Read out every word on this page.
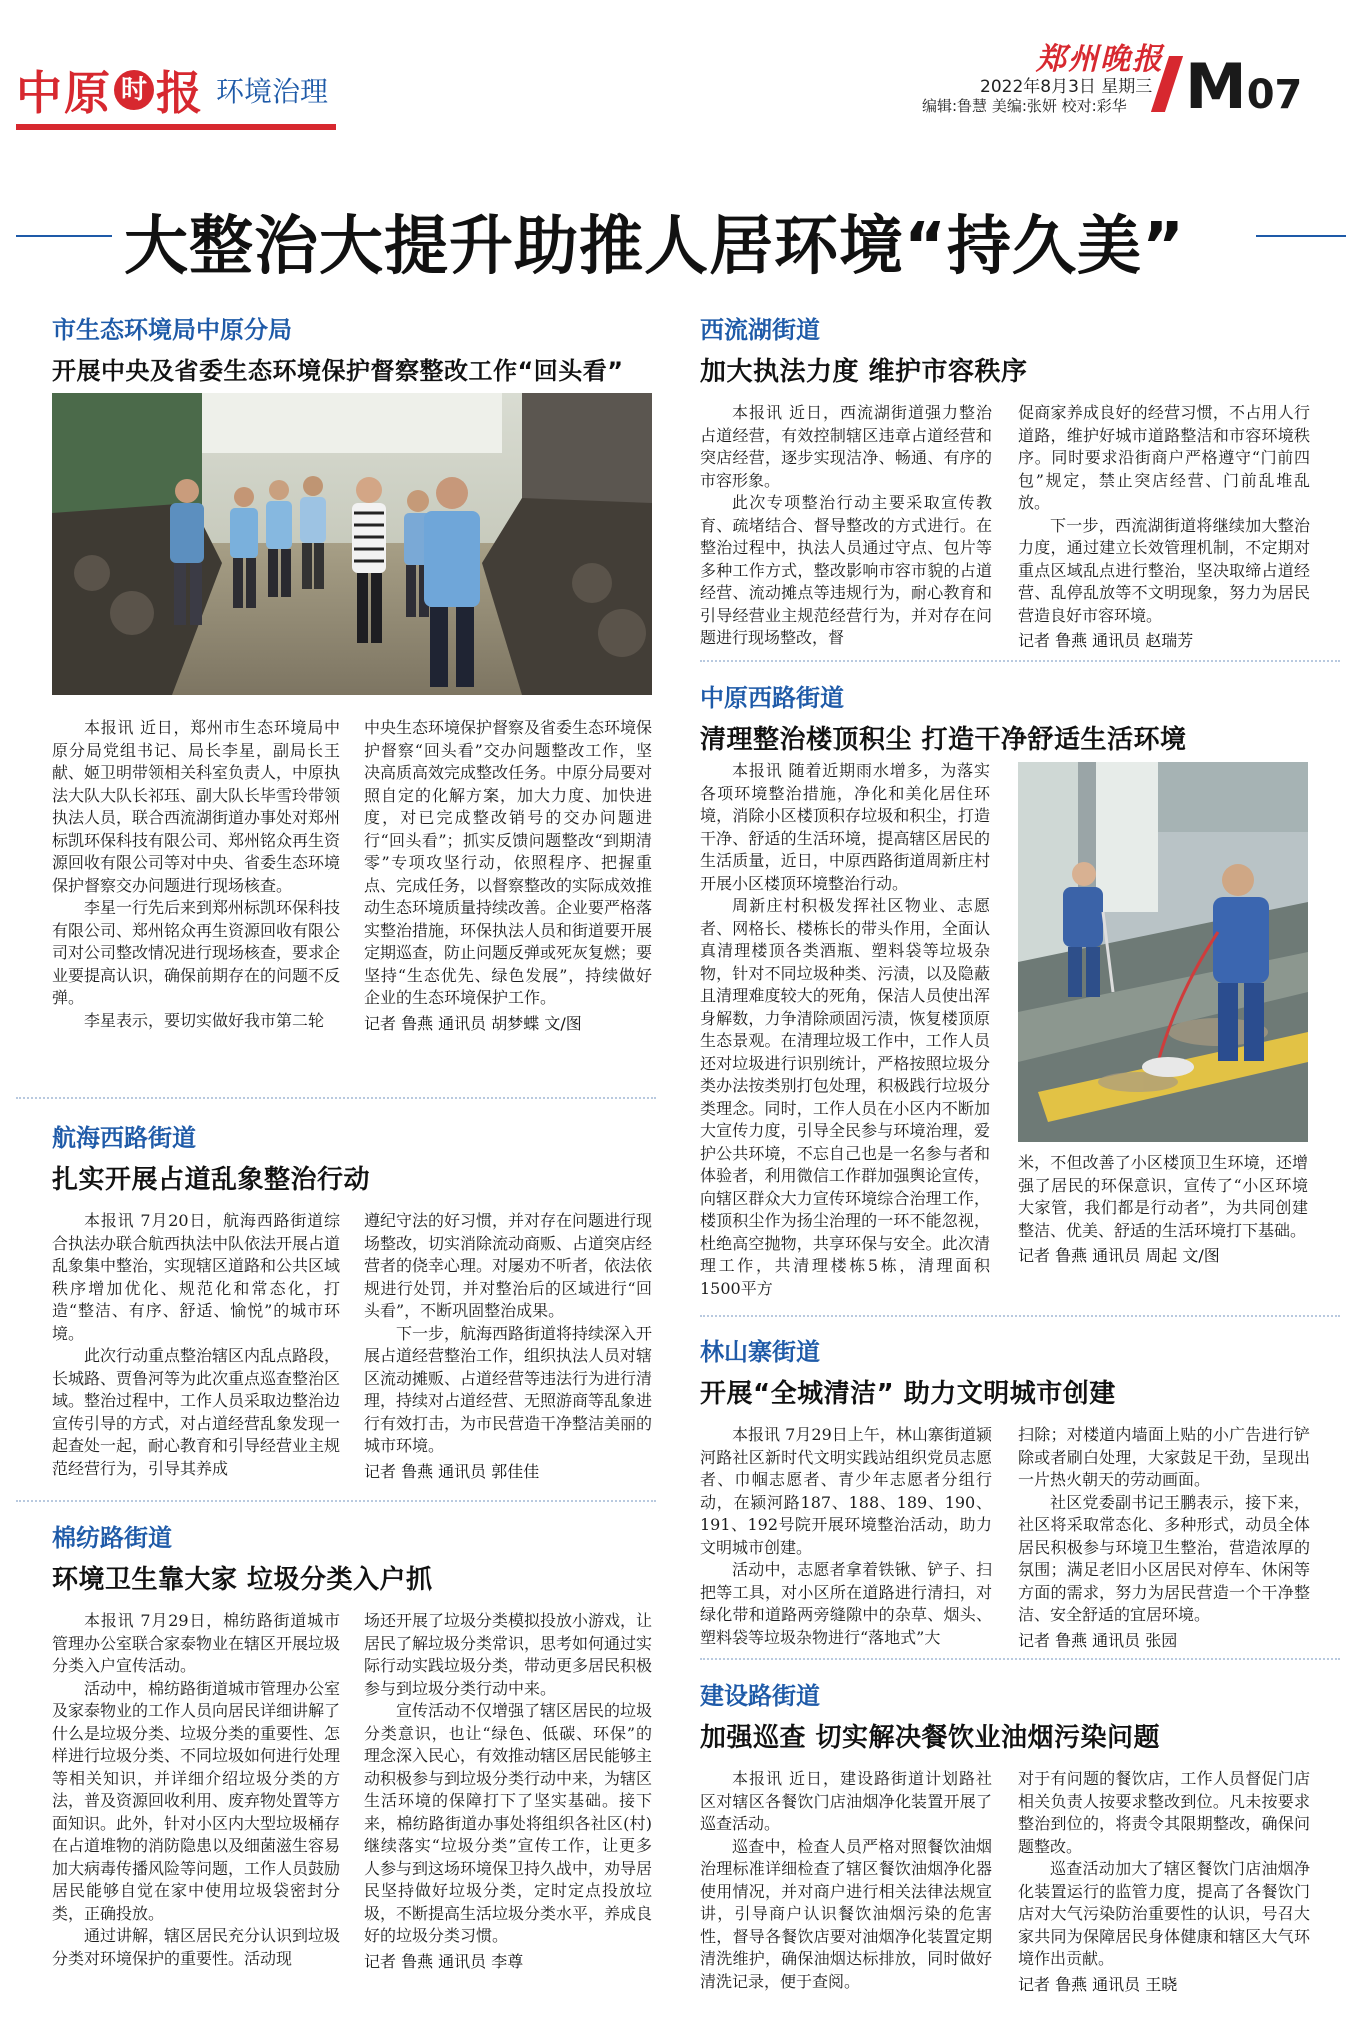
中原 时 报 环境治理
郑州晚报
2022年8月3日 星期三
编辑:鲁慧 美编:张妍 校对:彩华 M07
大整治大提升助推人居环境“持久美”
市生态环境局中原分局
开展中央及省委生态环境保护督察整改工作“回头看”

本报讯 近日，郑州市生态环境局中原分局党组书记、局长李星，副局长王献、姬卫明带领相关科室负责人，中原执法大队大队长祁珏、副大队长毕雪玲带领执法人员，联合西流湖街道办事处对郑州标凯环保科技有限公司、郑州铭众再生资源回收有限公司等对中央、省委生态环境保护督察交办问题进行现场核查。

李星一行先后来到郑州标凯环保科技有限公司、郑州铭众再生资源回收有限公司对公司整改情况进行现场核查，要求企业要提高认识，确保前期存在的问题不反弹。

李星表示，要切实做好我市第二轮

中央生态环境保护督察及省委生态环境保护督察“回头看”交办问题整改工作，坚决高质高效完成整改任务。中原分局要对照自定的化解方案，加大力度、加快进度，对已完成整改销号的交办问题进行“回头看”；抓实反馈问题整改“到期清零”专项攻坚行动，依照程序、把握重点、完成任务，以督察整改的实际成效推动生态环境质量持续改善。企业要严格落实整治措施，环保执法人员和街道要开展定期巡查，防止问题反弹或死灰复燃；要坚持“生态优先、绿色发展”，持续做好企业的生态环境保护工作。

记者 鲁燕 通讯员 胡梦蝶 文/图
航海西路街道
扎实开展占道乱象整治行动

本报讯 7月20日，航海西路街道综合执法办联合航西执法中队依法开展占道乱象集中整治，实现辖区道路和公共区域秩序增加优化、规范化和常态化，打造“整洁、有序、舒适、愉悦”的城市环境。

此次行动重点整治辖区内乱点路段，长城路、贾鲁河等为此次重点巡查整治区域。整治过程中，工作人员采取边整治边宣传引导的方式，对占道经营乱象发现一起查处一起，耐心教育和引导经营业主规范经营行为，引导其养成

遵纪守法的好习惯，并对存在问题进行现场整改，切实消除流动商贩、占道突店经营者的侥幸心理。对屡劝不听者，依法依规进行处罚，并对整治后的区域进行“回头看”，不断巩固整治成果。

下一步，航海西路街道将持续深入开展占道经营整治工作，组织执法人员对辖区流动摊贩、占道经营等违法行为进行清理，持续对占道经营、无照游商等乱象进行有效打击，为市民营造干净整洁美丽的城市环境。

记者 鲁燕 通讯员 郭佳佳
棉纺路街道
环境卫生靠大家 垃圾分类入户抓

本报讯 7月29日，棉纺路街道城市管理办公室联合家泰物业在辖区开展垃圾分类入户宣传活动。

活动中，棉纺路街道城市管理办公室及家泰物业的工作人员向居民详细讲解了什么是垃圾分类、垃圾分类的重要性、怎样进行垃圾分类、不同垃圾如何进行处理等相关知识，并详细介绍垃圾分类的方法，普及资源回收利用、废弃物处置等方面知识。此外，针对小区内大型垃圾桶存在占道堆物的消防隐患以及细菌滋生容易加大病毒传播风险等问题，工作人员鼓励居民能够自觉在家中使用垃圾袋密封分类，正确投放。

通过讲解，辖区居民充分认识到垃圾分类对环境保护的重要性。活动现

场还开展了垃圾分类模拟投放小游戏，让居民了解垃圾分类常识，思考如何通过实际行动实践垃圾分类，带动更多居民积极参与到垃圾分类行动中来。

宣传活动不仅增强了辖区居民的垃圾分类意识，也让“绿色、低碳、环保”的理念深入民心，有效推动辖区居民能够主动积极参与到垃圾分类行动中来，为辖区生活环境的保障打下了坚实基础。接下来，棉纺路街道办事处将组织各社区(村)继续落实“垃圾分类”宣传工作，让更多人参与到这场环境保卫持久战中，劝导居民坚持做好垃圾分类，定时定点投放垃圾，不断提高生活垃圾分类水平，养成良好的垃圾分类习惯。

记者 鲁燕 通讯员 李尊
西流湖街道
加大执法力度 维护市容秩序

本报讯 近日，西流湖街道强力整治占道经营，有效控制辖区违章占道经营和突店经营，逐步实现洁净、畅通、有序的市容形象。

此次专项整治行动主要采取宣传教育、疏堵结合、督导整改的方式进行。在整治过程中，执法人员通过守点、包片等多种工作方式，整改影响市容市貌的占道经营、流动摊点等违规行为，耐心教育和引导经营业主规范经营行为，并对存在问题进行现场整改，督

促商家养成良好的经营习惯，不占用人行道路，维护好城市道路整洁和市容环境秩序。同时要求沿街商户严格遵守“门前四包”规定，禁止突店经营、门前乱堆乱放。

下一步，西流湖街道将继续加大整治力度，通过建立长效管理机制，不定期对重点区域乱点进行整治，坚决取缔占道经营、乱停乱放等不文明现象，努力为居民营造良好市容环境。

记者 鲁燕 通讯员 赵瑞芳
中原西路街道
清理整治楼顶积尘 打造干净舒适生活环境

本报讯 随着近期雨水增多，为落实各项环境整治措施，净化和美化居住环境，消除小区楼顶积存垃圾和积尘，打造干净、舒适的生活环境，提高辖区居民的生活质量，近日，中原西路街道周新庄村开展小区楼顶环境整治行动。

周新庄村积极发挥社区物业、志愿者、网格长、楼栋长的带头作用，全面认真清理楼顶各类酒瓶、塑料袋等垃圾杂物，针对不同垃圾种类、污渍，以及隐蔽且清理难度较大的死角，保洁人员使出浑身解数，力争清除顽固污渍，恢复楼顶原生态景观。在清理垃圾工作中，工作人员还对垃圾进行识别统计，严格按照垃圾分类办法按类别打包处理，积极践行垃圾分类理念。同时，工作人员在小区内不断加大宣传力度，引导全民参与环境治理，爱护公共环境，不忘自己也是一名参与者和体验者，利用微信工作群加强舆论宣传，向辖区群众大力宣传环境综合治理工作，楼顶积尘作为扬尘治理的一环不能忽视，杜绝高空抛物，共享环保与安全。此次清理工作，共清理楼栋5栋，清理面积1500平方

米，不但改善了小区楼顶卫生环境，还增强了居民的环保意识，宣传了“小区环境大家管，我们都是行动者”，为共同创建整洁、优美、舒适的生活环境打下基础。

记者 鲁燕 通讯员 周起 文/图
林山寨街道
开展“全城清洁” 助力文明城市创建

本报讯 7月29日上午，林山寨街道颍河路社区新时代文明实践站组织党员志愿者、巾帼志愿者、青少年志愿者分组行动，在颍河路187、188、189、190、191、192号院开展环境整治活动，助力文明城市创建。

活动中，志愿者拿着铁锹、铲子、扫把等工具，对小区所在道路进行清扫，对绿化带和道路两旁缝隙中的杂草、烟头、塑料袋等垃圾杂物进行“落地式”大

扫除；对楼道内墙面上贴的小广告进行铲除或者刷白处理，大家鼓足干劲，呈现出一片热火朝天的劳动画面。

社区党委副书记王鹏表示，接下来，社区将采取常态化、多种形式，动员全体居民积极参与环境卫生整治，营造浓厚的氛围；满足老旧小区居民对停车、休闲等方面的需求，努力为居民营造一个干净整洁、安全舒适的宜居环境。

记者 鲁燕 通讯员 张园
建设路街道
加强巡查 切实解决餐饮业油烟污染问题

本报讯 近日，建设路街道计划路社区对辖区各餐饮门店油烟净化装置开展了巡查活动。

巡查中，检查人员严格对照餐饮油烟治理标准详细检查了辖区餐饮油烟净化器使用情况，并对商户进行相关法律法规宣讲，引导商户认识餐饮油烟污染的危害性，督导各餐饮店要对油烟净化装置定期清洗维护，确保油烟达标排放，同时做好清洗记录，便于查阅。

对于有问题的餐饮店，工作人员督促门店相关负责人按要求整改到位。凡未按要求整治到位的，将责令其限期整改，确保问题整改。

巡查活动加大了辖区餐饮门店油烟净化装置运行的监管力度，提高了各餐饮门店对大气污染防治重要性的认识，号召大家共同为保障居民身体健康和辖区大气环境作出贡献。

记者 鲁燕 通讯员 王晓
